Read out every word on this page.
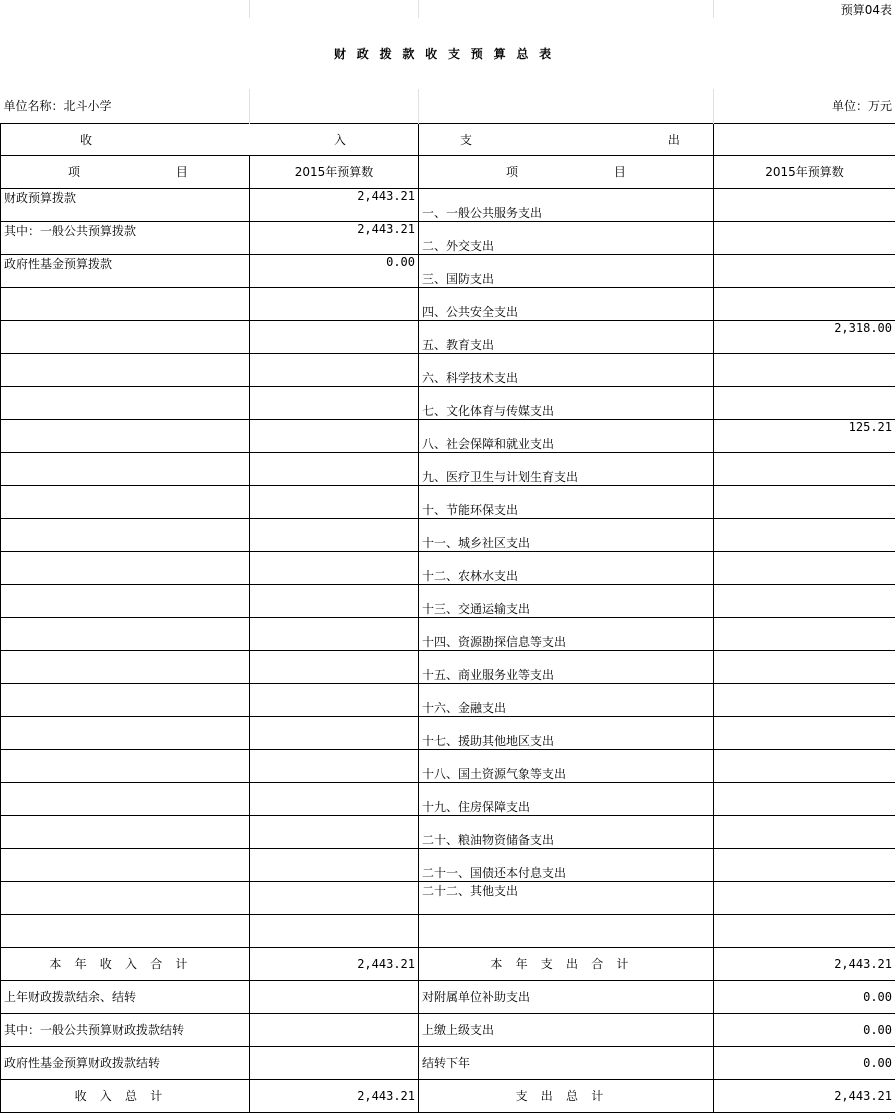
			预算04表
财政拨款收支预算总表			
单位名称：北斗小学			单位：万元
收 入		支 出	
项 目	2015年预算数	项 目	2015年预算数
财政预算拨款	2,443.21	一、一般公共服务支出	
其中：一般公共预算拨款	2,443.21	二、外交支出	
政府性基金预算拨款	0.00	三、国防支出	
		四、公共安全支出	
		五、教育支出	2,318.00
		六、科学技术支出	
		七、文化体育与传媒支出	
		八、社会保障和就业支出	125.21
		九、医疗卫生与计划生育支出	
		十、节能环保支出	
		十一、城乡社区支出	
		十二、农林水支出	
		十三、交通运输支出	
		十四、资源勘探信息等支出	
		十五、商业服务业等支出	
		十六、金融支出	
		十七、援助其他地区支出	
		十八、国土资源气象等支出	
		十九、住房保障支出	
		二十、粮油物资储备支出	
		二十一、国债还本付息支出	
		二十二、其他支出	

本年收入合计	2,443.21	本年支出合计	2,443.21
上年财政拨款结余、结转		对附属单位补助支出	0.00
其中：一般公共预算财政拨款结转		上缴上级支出	0.00
政府性基金预算财政拨款结转		结转下年	0.00
收入总计	2,443.21	支出总计	2,443.21
